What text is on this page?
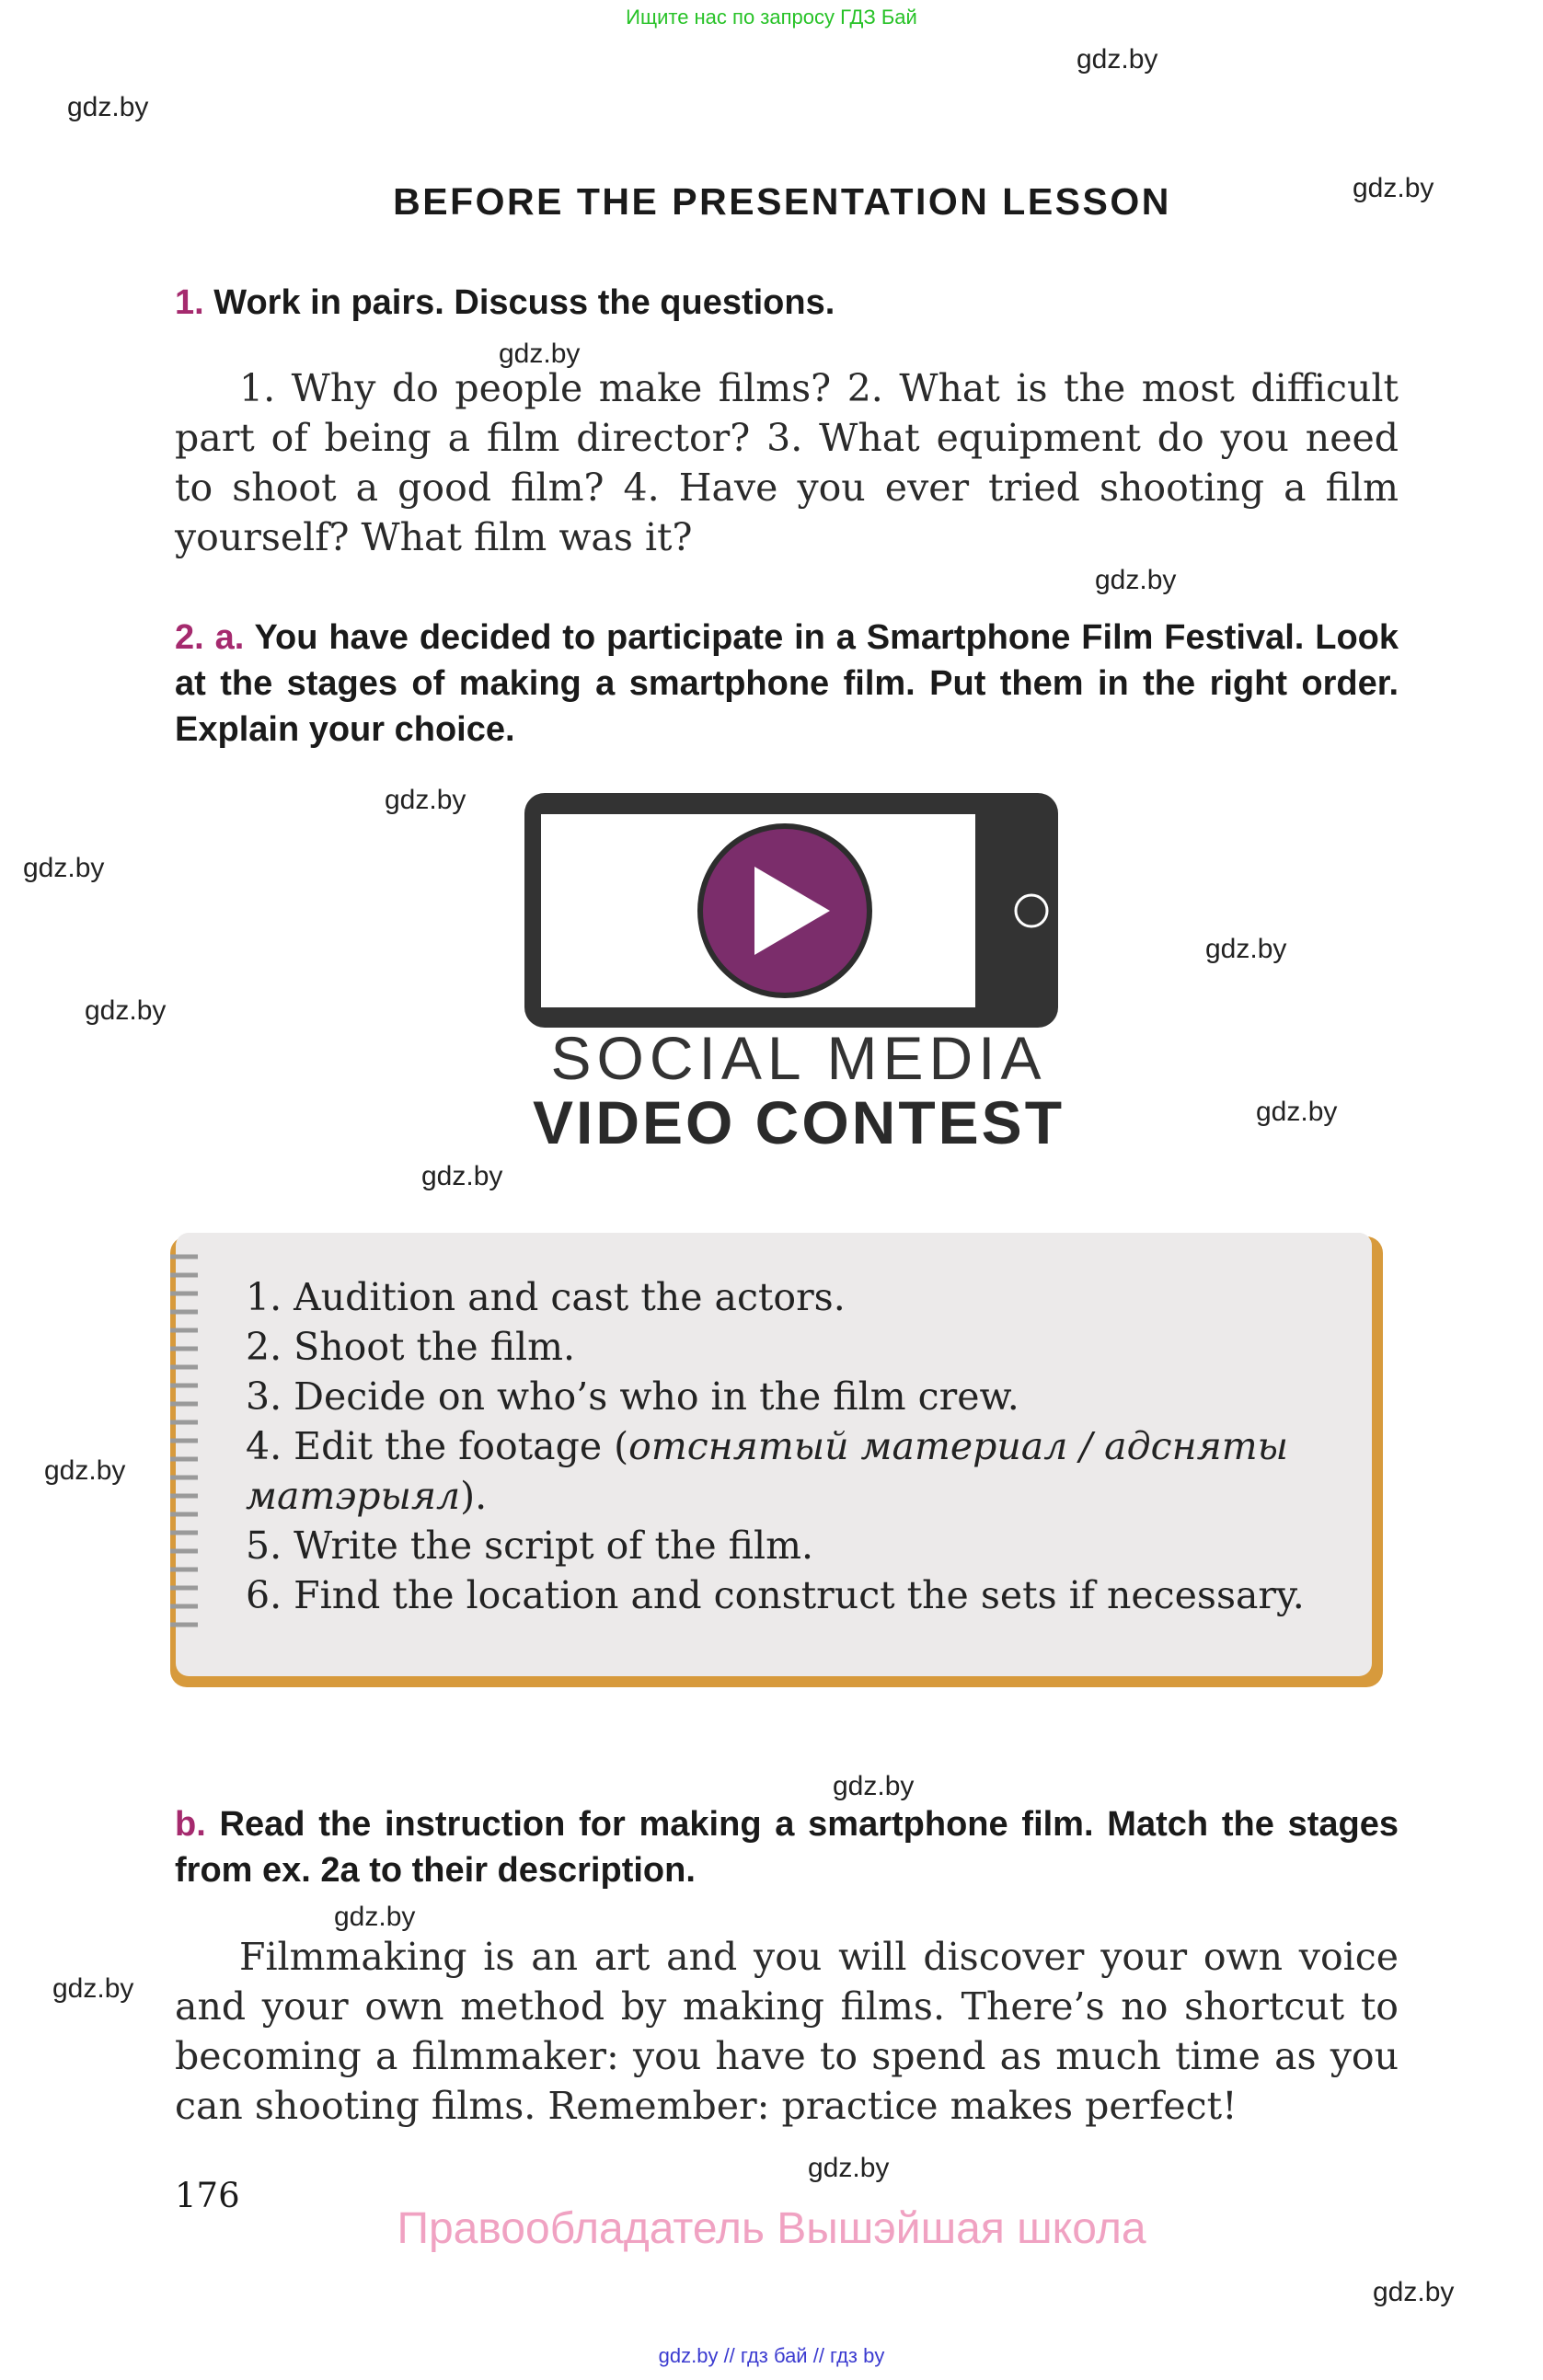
Ищите нас по запросу ГДЗ Бай
gdz.by
gdz.by
gdz.by
gdz.by
gdz.by
gdz.by
gdz.by
gdz.by
gdz.by
gdz.by
gdz.by
gdz.by
gdz.by
gdz.by
gdz.by
gdz.by
gdz.by
BEFORE THE PRESENTATION LESSON
1. Work in pairs. Discuss the questions.
1. Why do people make films? 2. What is the most difficult part of being a film director? 3. What equipment do you need to shoot a good film? 4. Have you ever tried shooting a film yourself? What film was it?
2. a. You have decided to participate in a Smartphone Film Festival. Look at the stages of making a smartphone film. Put them in the right order. Explain your choice.
SOCIAL MEDIA
VIDEO CONTEST
1. Audition and cast the actors.
2. Shoot the film.
3. Decide on who’s who in the film crew.
4. Edit the footage (отснятый материал / адсняты матэрыял).
5. Write the script of the film.
6. Find the location and construct the sets if necessary.
b. Read the instruction for making a smartphone film. Match the stages from ex. 2a to their description.
Filmmaking is an art and you will discover your own voice and your own method by making films. There’s no shortcut to becoming a filmmaker: you have to spend as much time as you can shooting films. Remember: practice makes perfect!
176
Правообладатель Вышэйшая школа
gdz.by // гдз бай // гдз by
